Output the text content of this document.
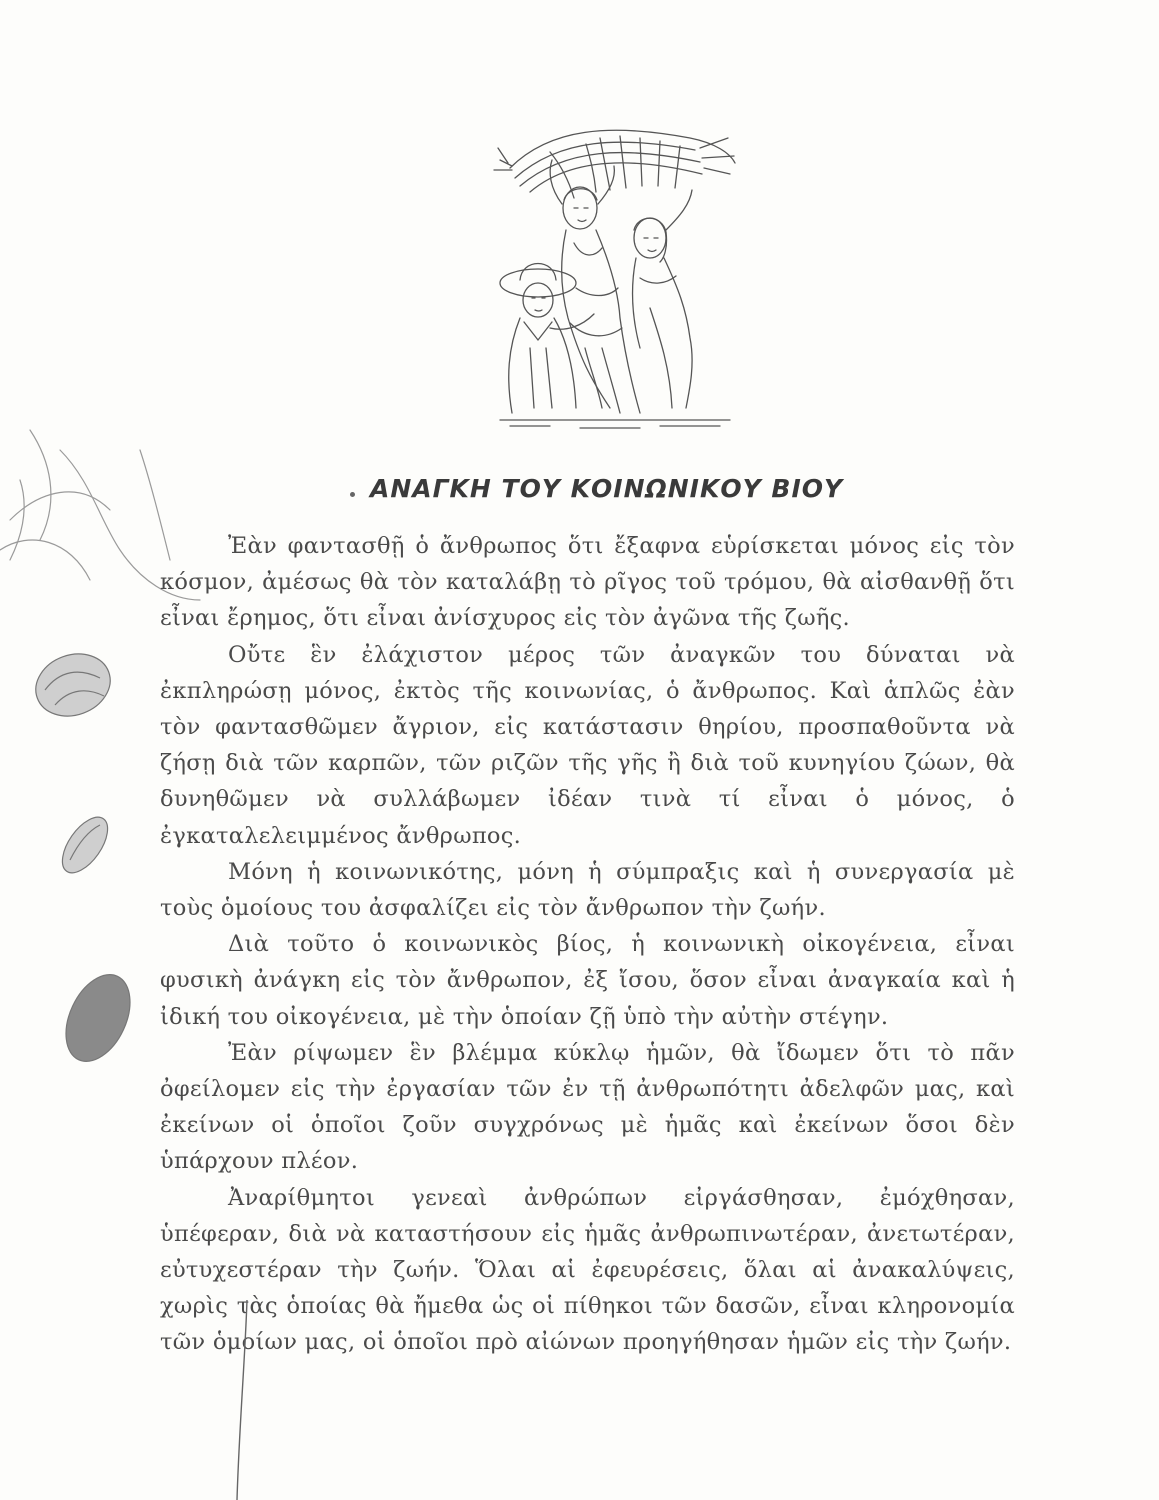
ΑΝΑΓΚΗ ΤΟΥ ΚΟΙΝΩΝΙΚΟΥ ΒΙΟΥ

Ἐὰν φαντασθῇ ὁ ἄνθρωπος ὅτι ἔξαφνα εὑρίσκεται μόνος εἰς τὸν κόσμον, ἀμέσως θὰ τὸν καταλάβῃ τὸ ρῖγος τοῦ τρόμου, θὰ αἰσθανθῇ ὅτι εἶναι ἔρημος, ὅτι εἶναι ἀνίσχυρος εἰς τὸν ἀγῶνα τῆς ζωῆς.

Οὔτε ἓν ἐλάχιστον μέρος τῶν ἀναγκῶν του δύναται νὰ ἐκπληρώσῃ μόνος, ἐκτὸς τῆς κοινωνίας, ὁ ἄνθρωπος. Καὶ ἁπλῶς ἐὰν τὸν φαντασθῶμεν ἄγριον, εἰς κατάστασιν θηρίου, προσπαθοῦντα νὰ ζήσῃ διὰ τῶν καρπῶν, τῶν ριζῶν τῆς γῆς ἢ διὰ τοῦ κυνηγίου ζώων, θὰ δυνηθῶμεν νὰ συλλάβωμεν ἰδέαν τινὰ τί εἶναι ὁ μόνος, ὁ ἐγκαταλελειμμένος ἄνθρωπος.

Μόνη ἡ κοινωνικότης, μόνη ἡ σύμπραξις καὶ ἡ συνεργασία μὲ τοὺς ὁμοίους του ἀσφαλίζει εἰς τὸν ἄνθρωπον τὴν ζωήν.

Διὰ τοῦτο ὁ κοινωνικὸς βίος, ἡ κοινωνικὴ οἰκογένεια, εἶναι φυσικὴ ἀνάγκη εἰς τὸν ἄνθρωπον, ἐξ ἴσου, ὅσον εἶναι ἀναγκαία καὶ ἡ ἰδική του οἰκογένεια, μὲ τὴν ὁποίαν ζῇ ὑπὸ τὴν αὐτὴν στέγην.

Ἐὰν ρίψωμεν ἓν βλέμμα κύκλῳ ἡμῶν, θὰ ἴδωμεν ὅτι τὸ πᾶν ὀφείλομεν εἰς τὴν ἐργασίαν τῶν ἐν τῇ ἀνθρωπότητι ἀδελφῶν μας, καὶ ἐκείνων οἱ ὁποῖοι ζοῦν συγχρόνως μὲ ἡμᾶς καὶ ἐκείνων ὅσοι δὲν ὑπάρχουν πλέον.

Ἀναρίθμητοι γενεαὶ ἀνθρώπων εἰργάσθησαν, ἐμόχθησαν, ὑπέφεραν, διὰ νὰ καταστήσουν εἰς ἡμᾶς ἀνθρωπινωτέραν, ἀνετωτέραν, εὐτυχεστέραν τὴν ζωήν. Ὅλαι αἱ ἐφευρέσεις, ὅλαι αἱ ἀνακαλύψεις, χωρὶς τὰς ὁποίας θὰ ἤμεθα ὡς οἱ πίθηκοι τῶν δασῶν, εἶναι κληρονομία τῶν ὁμοίων μας, οἱ ὁποῖοι πρὸ αἰώνων προηγήθησαν ἡμῶν εἰς τὴν ζωήν.
